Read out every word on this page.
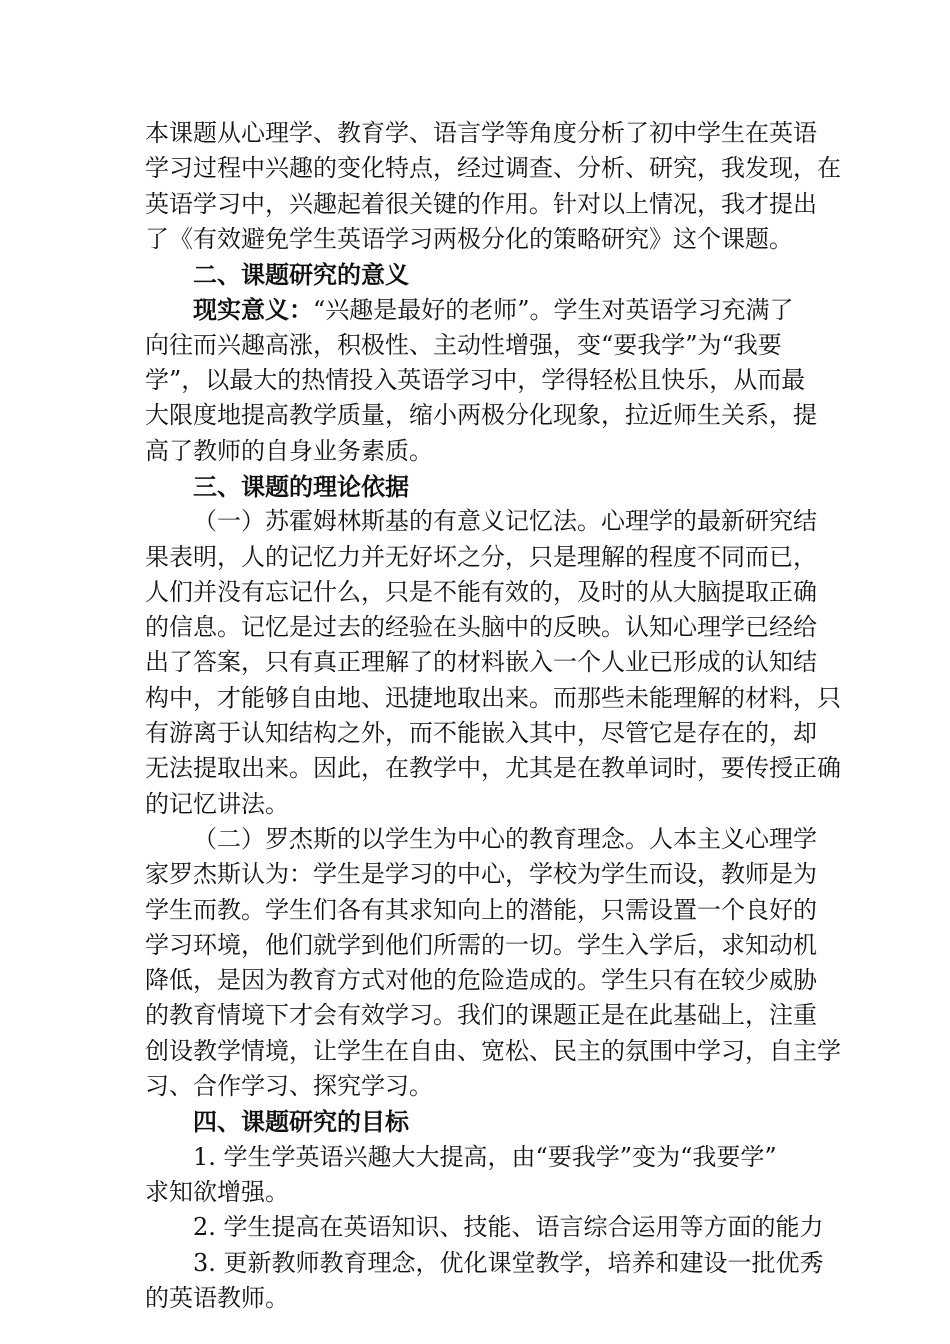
本课题从心理学、教育学、语言学等角度分析了初中学生在英语
学习过程中兴趣的变化特点，经过调查、分析、研究，我发现，在
英语学习中，兴趣起着很关键的作用。针对以上情况，我才提出
了《有效避免学生英语学习两极分化的策略研究》这个课题。
二、课题研究的意义
现实意义：“兴趣是最好的老师”。学生对英语学习充满了
向往而兴趣高涨，积极性、主动性增强，变“要我学”为“我要
学”，以最大的热情投入英语学习中，学得轻松且快乐，从而最
大限度地提高教学质量，缩小两极分化现象，拉近师生关系，提
高了教师的自身业务素质。
三、课题的理论依据
（一）苏霍姆林斯基的有意义记忆法。心理学的最新研究结
果表明，人的记忆力并无好坏之分，只是理解的程度不同而已，
人们并没有忘记什么，只是不能有效的，及时的从大脑提取正确
的信息。记忆是过去的经验在头脑中的反映。认知心理学已经给
出了答案，只有真正理解了的材料嵌入一个人业已形成的认知结
构中，才能够自由地、迅捷地取出来。而那些未能理解的材料，只
有游离于认知结构之外，而不能嵌入其中，尽管它是存在的，却
无法提取出来。因此，在教学中，尤其是在教单词时，要传授正确
的记忆讲法。
（二）罗杰斯的以学生为中心的教育理念。人本主义心理学
家罗杰斯认为：学生是学习的中心，学校为学生而设，教师是为
学生而教。学生们各有其求知向上的潜能，只需设置一个良好的
学习环境，他们就学到他们所需的一切。学生入学后，求知动机
降低，是因为教育方式对他的危险造成的。学生只有在较少威胁
的教育情境下才会有效学习。我们的课题正是在此基础上，注重
创设教学情境，让学生在自由、宽松、民主的氛围中学习，自主学
习、合作学习、探究学习。
四、课题研究的目标
1. 学生学英语兴趣大大提高，由“要我学”变为“我要学”
求知欲增强。
2. 学生提高在英语知识、技能、语言综合运用等方面的能力
3. 更新教师教育理念，优化课堂教学，培养和建设一批优秀
的英语教师。
